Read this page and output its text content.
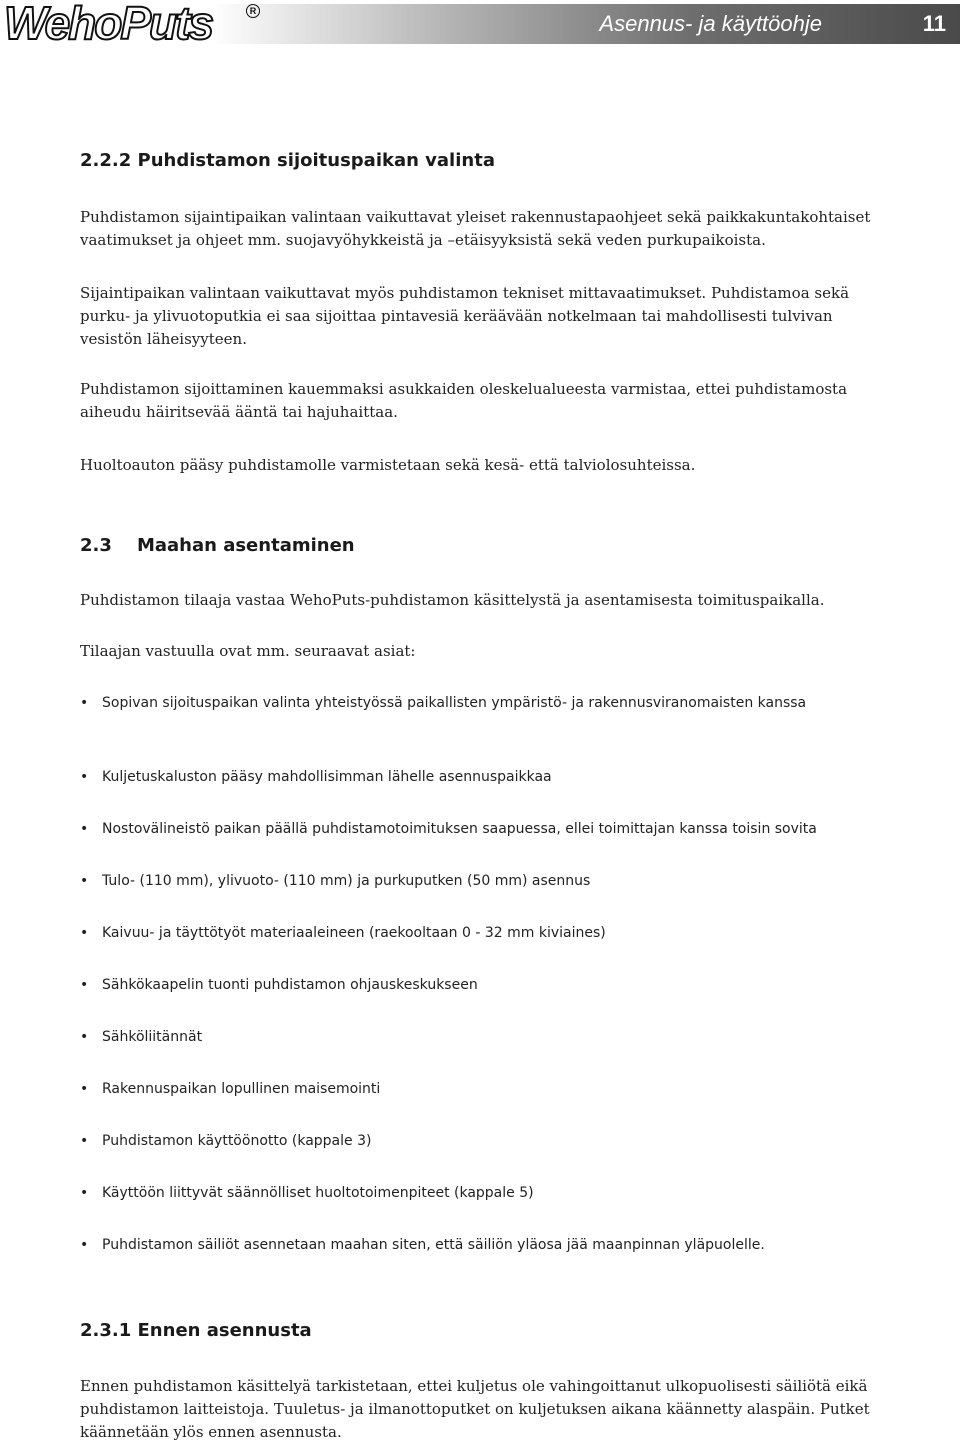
WehoPuts	R	Asennus- ja käyttöohje	11
2.2.2 Puhdistamon sijoituspaikan valinta

Puhdistamon sijaintipaikan valintaan vaikuttavat yleiset rakennustapaohjeet sekä paikkakuntakohtaiset vaatimukset ja ohjeet mm. suojavyöhykkeistä ja –etäisyyksistä sekä veden purkupaikoista.

Sijaintipaikan valintaan vaikuttavat myös puhdistamon tekniset mittavaatimukset. Puhdistamoa sekä purku- ja ylivuotoputkia ei saa sijoittaa pintavesiä keräävään notkelmaan tai mahdollisesti tulvivan vesistön läheisyyteen.

Puhdistamon sijoittaminen kauemmaksi asukkaiden oleskelualueesta varmistaa, ettei puhdistamosta aiheudu häiritsevää ääntä tai hajuhaittaa.

Huoltoauton pääsy puhdistamolle varmistetaan sekä kesä- että talviolosuhteissa.

2.3    Maahan asentaminen

Puhdistamon tilaaja vastaa WehoPuts-puhdistamon käsittelystä ja asentamisesta toimituspaikalla.

Tilaajan vastuulla ovat mm. seuraavat asiat:

• Sopivan sijoituspaikan valinta yhteistyössä paikallisten ympäristö- ja rakennusviranomaisten kanssa
• Kuljetuskaluston pääsy mahdollisimman lähelle asennuspaikkaa
• Nostovälineistö paikan päällä puhdistamotoimituksen saapuessa, ellei toimittajan kanssa toisin sovita
• Tulo- (110 mm), ylivuoto- (110 mm) ja purkuputken (50 mm) asennus
• Kaivuu- ja täyttötyöt materiaaleineen (raekooltaan 0 - 32 mm kiviaines)
• Sähkökaapelin tuonti puhdistamon ohjauskeskukseen
• Sähköliitännät
• Rakennuspaikan lopullinen maisemointi
• Puhdistamon käyttöönotto (kappale 3)
• Käyttöön liittyvät säännölliset huoltotoimenpiteet (kappale 5)
• Puhdistamon säiliöt asennetaan maahan siten, että säiliön yläosa jää maanpinnan yläpuolelle.
2.3.1 Ennen asennusta

Ennen puhdistamon käsittelyä tarkistetaan, ettei kuljetus ole vahingoittanut ulkopuolisesti säiliötä eikä puhdistamon laitteistoja. Tuuletus- ja ilmanottoputket on kuljetuksen aikana käännetty alaspäin. Putket käännetään ylös ennen asennusta.
